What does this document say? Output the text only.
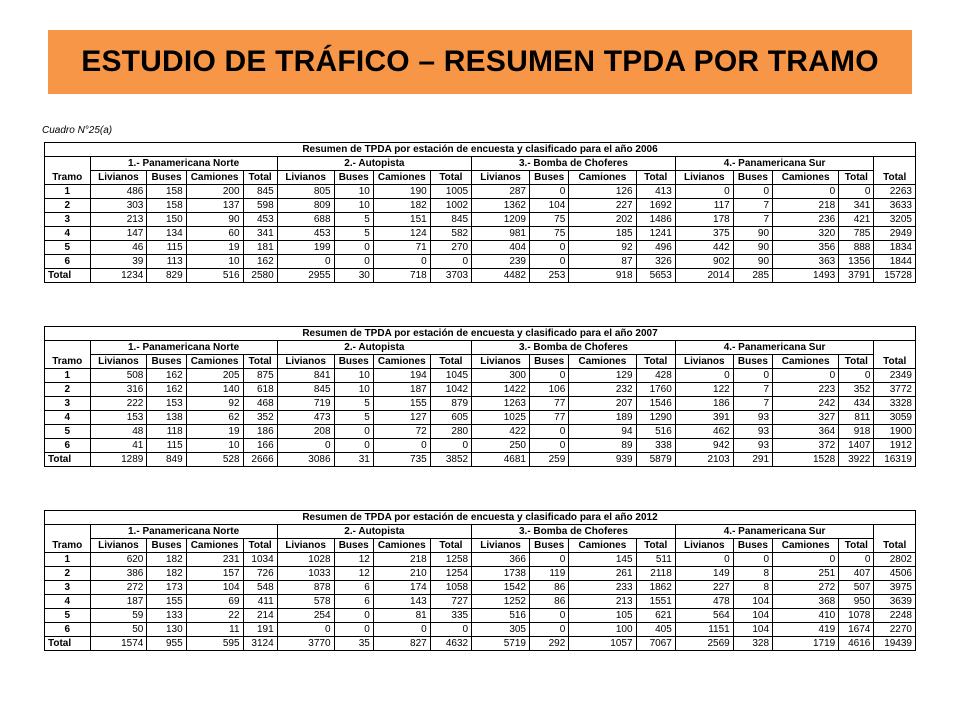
ESTUDIO DE TRÁFICO – RESUMEN TPDA POR TRAMO
Cuadro N°25(a)
Resumen de TPDA por estación de encuesta y clasificado para el año 2006																	
	1.- Panamericana Norte				2.- Autopista				3.- Bomba de Choferes				4.- Panamericana Sur				
Tramo	Livianos	Buses	Camiones	Total	Livianos	Buses	Camiones	Total	Livianos	Buses	Camiones	Total	Livianos	Buses	Camiones	Total	Total
1	486	158	200	845	805	10	190	1005	287	0	126	413	0	0	0	0	2263
2	303	158	137	598	809	10	182	1002	1362	104	227	1692	117	7	218	341	3633
3	213	150	90	453	688	5	151	845	1209	75	202	1486	178	7	236	421	3205
4	147	134	60	341	453	5	124	582	981	75	185	1241	375	90	320	785	2949
5	46	115	19	181	199	0	71	270	404	0	92	496	442	90	356	888	1834
6	39	113	10	162	0	0	0	0	239	0	87	326	902	90	363	1356	1844
Total	1234	829	516	2580	2955	30	718	3703	4482	253	918	5653	2014	285	1493	3791	15728
Resumen de TPDA por estación de encuesta y clasificado para el año 2007																	
	1.- Panamericana Norte				2.- Autopista				3.- Bomba de Choferes				4.- Panamericana Sur				
Tramo	Livianos	Buses	Camiones	Total	Livianos	Buses	Camiones	Total	Livianos	Buses	Camiones	Total	Livianos	Buses	Camiones	Total	Total
1	508	162	205	875	841	10	194	1045	300	0	129	428	0	0	0	0	2349
2	316	162	140	618	845	10	187	1042	1422	106	232	1760	122	7	223	352	3772
3	222	153	92	468	719	5	155	879	1263	77	207	1546	186	7	242	434	3328
4	153	138	62	352	473	5	127	605	1025	77	189	1290	391	93	327	811	3059
5	48	118	19	186	208	0	72	280	422	0	94	516	462	93	364	918	1900
6	41	115	10	166	0	0	0	0	250	0	89	338	942	93	372	1407	1912
Total	1289	849	528	2666	3086	31	735	3852	4681	259	939	5879	2103	291	1528	3922	16319
Resumen de TPDA por estación de encuesta y clasificado para el año 2012																	
	1.- Panamericana Norte				2.- Autopista				3.- Bomba de Choferes				4.- Panamericana Sur				
Tramo	Livianos	Buses	Camiones	Total	Livianos	Buses	Camiones	Total	Livianos	Buses	Camiones	Total	Livianos	Buses	Camiones	Total	Total
1	620	182	231	1034	1028	12	218	1258	366	0	145	511	0	0	0	0	2802
2	386	182	157	726	1033	12	210	1254	1738	119	261	2118	149	8	251	407	4506
3	272	173	104	548	878	6	174	1058	1542	86	233	1862	227	8	272	507	3975
4	187	155	69	411	578	6	143	727	1252	86	213	1551	478	104	368	950	3639
5	59	133	22	214	254	0	81	335	516	0	105	621	564	104	410	1078	2248
6	50	130	11	191	0	0	0	0	305	0	100	405	1151	104	419	1674	2270
Total	1574	955	595	3124	3770	35	827	4632	5719	292	1057	7067	2569	328	1719	4616	19439
